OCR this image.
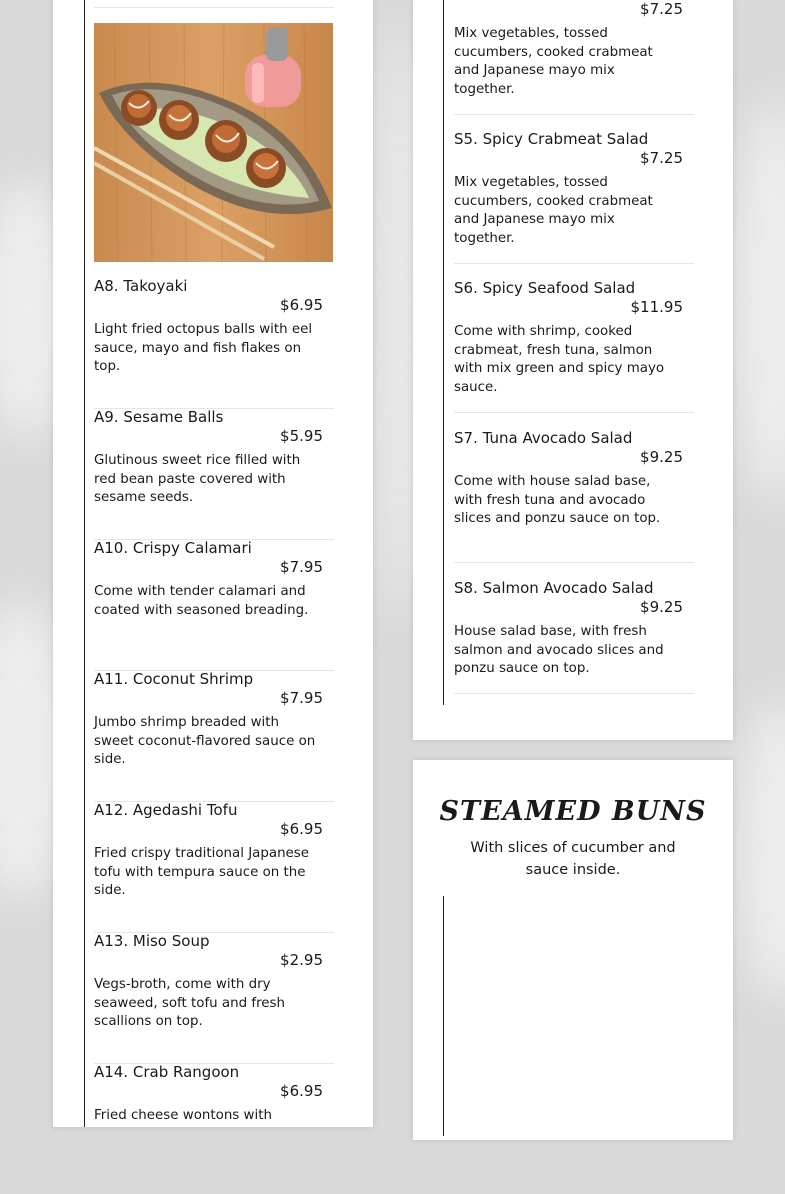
A8. Takoyaki
$6.95
Light fried octopus balls with eel sauce, mayo and fish flakes on top.
A9. Sesame Balls
$5.95
Glutinous sweet rice filled with red bean paste covered with sesame seeds.
A10. Crispy Calamari
$7.95
Come with tender calamari and coated with seasoned breading.
A11. Coconut Shrimp
$7.95
Jumbo shrimp breaded with sweet coconut-flavored sauce on side.
A12. Agedashi Tofu
$6.95
Fried crispy traditional Japanese tofu with tempura sauce on the side.
A13. Miso Soup
$2.95
Vegs-broth, come with dry seaweed, soft tofu and fresh scallions on top.
A14. Crab Rangoon
$6.95
Fried cheese wontons with
$7.25
Mix vegetables, tossed cucumbers, cooked crabmeat and Japanese mayo mix together.
S5. Spicy Crabmeat Salad
$7.25
Mix vegetables, tossed cucumbers, cooked crabmeat and Japanese mayo mix together.
S6. Spicy Seafood Salad
$11.95
Come with shrimp, cooked crabmeat, fresh tuna, salmon with mix green and spicy mayo sauce.
S7. Tuna Avocado Salad
$9.25
Come with house salad base, with fresh tuna and avocado slices and ponzu sauce on top.
S8. Salmon Avocado Salad
$9.25
House salad base, with fresh salmon and avocado slices and ponzu sauce on top.
STEAMED BUNS
With slices of cucumber and sauce inside.
